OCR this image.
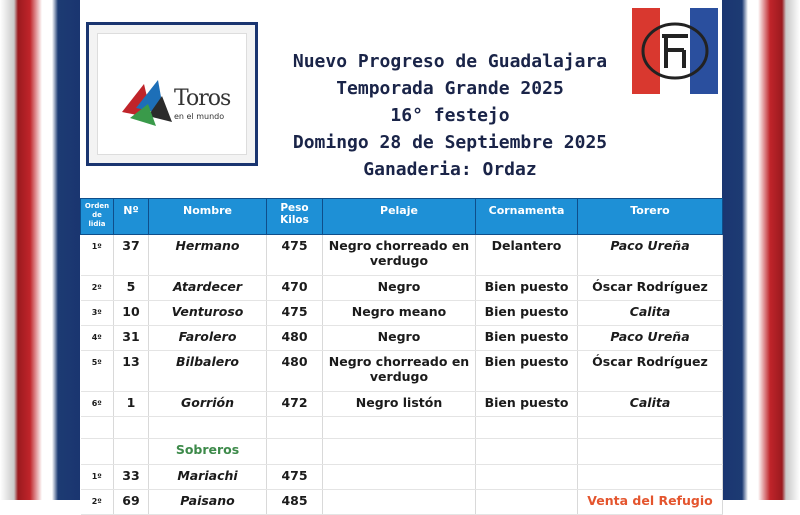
Toros
en el mundo
Nuevo Progreso de Guadalajara
Temporada Grande 2025
16° festejo
Domingo 28 de Septiembre 2025
Ganaderia: Ordaz
Orden de lidia	Nº	Nombre	Peso Kilos	Pelaje	Cornamenta	Torero
1º	37	Hermano	475	Negro chorreado en verdugo	Delantero	Paco Ureña
2º	5	Atardecer	470	Negro	Bien puesto	Óscar Rodríguez
3º	10	Venturoso	475	Negro meano	Bien puesto	Calita
4º	31	Farolero	480	Negro	Bien puesto	Paco Ureña
5º	13	Bilbalero	480	Negro chorreado en verdugo	Bien puesto	Óscar Rodríguez
6º	1	Gorrión	472	Negro listón	Bien puesto	Calita

		Sobreros				
1º	33	Mariachi	475			
2º	69	Paisano	485			Venta del Refugio
